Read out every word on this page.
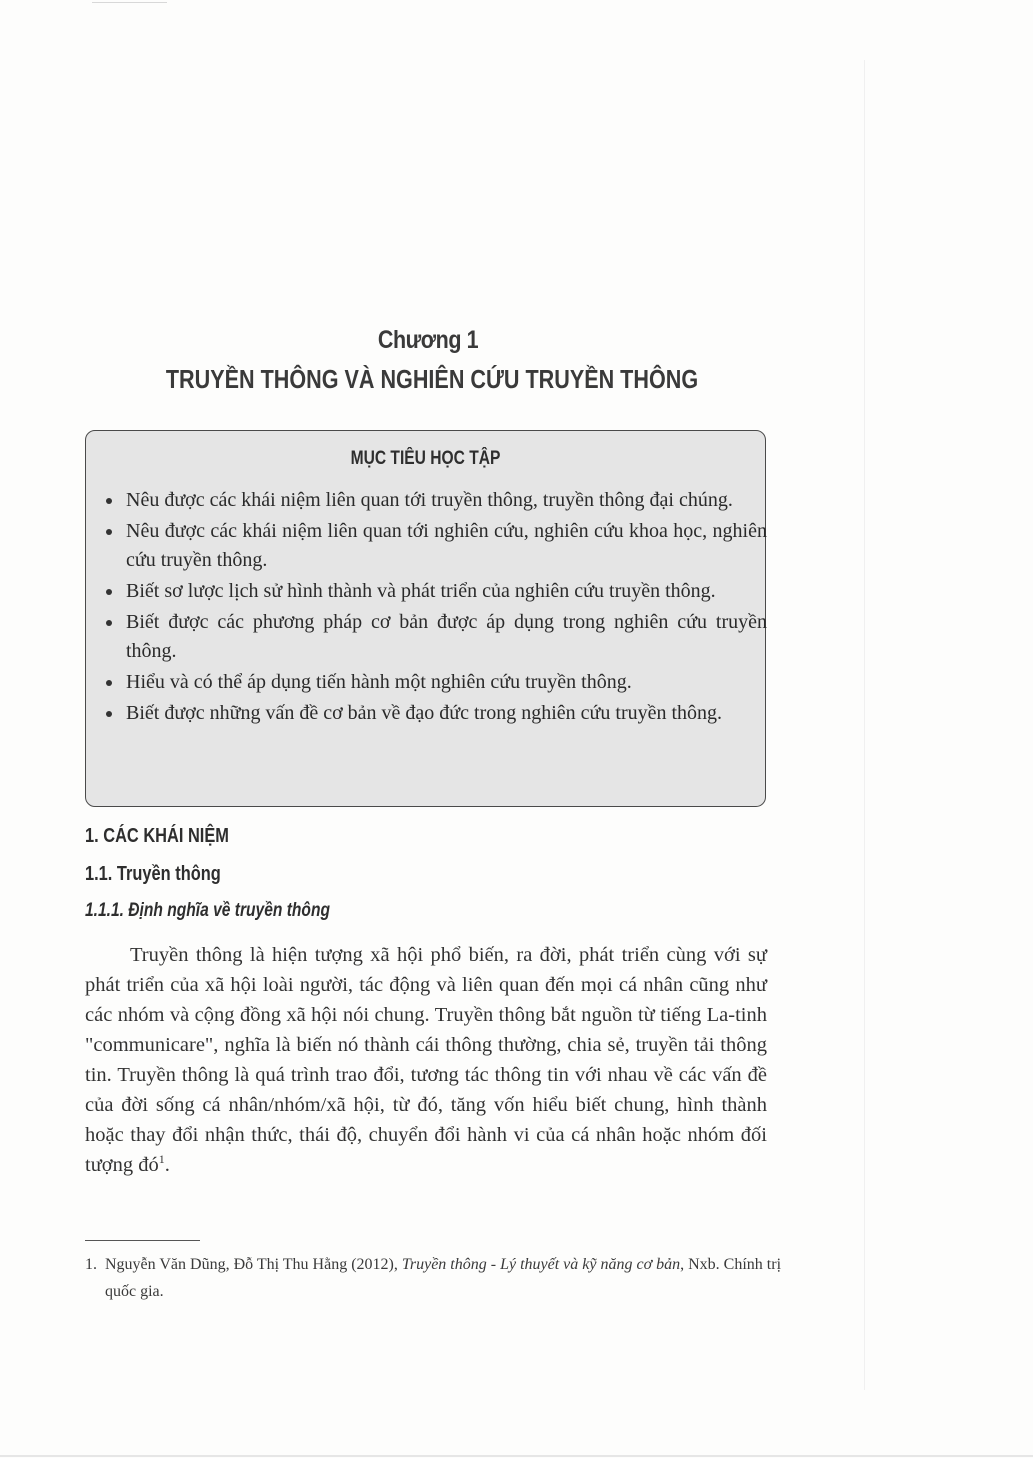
Chương 1
TRUYỀN THÔNG VÀ NGHIÊN CỨU TRUYỀN THÔNG
MỤC TIÊU HỌC TẬP
Nêu được các khái niệm liên quan tới truyền thông, truyền thông đại chúng.
Nêu được các khái niệm liên quan tới nghiên cứu, nghiên cứu khoa học, nghiên cứu truyền thông.
Biết sơ lược lịch sử hình thành và phát triển của nghiên cứu truyền thông.
Biết được các phương pháp cơ bản được áp dụng trong nghiên cứu truyền thông.
Hiểu và có thể áp dụng tiến hành một nghiên cứu truyền thông.
Biết được những vấn đề cơ bản về đạo đức trong nghiên cứu truyền thông.
1. CÁC KHÁI NIỆM
1.1. Truyền thông
1.1.1. Định nghĩa về truyền thông

Truyền thông là hiện tượng xã hội phổ biến, ra đời, phát triển cùng với sự phát triển của xã hội loài người, tác động và liên quan đến mọi cá nhân cũng như các nhóm và cộng đồng xã hội nói chung. Truyền thông bắt nguồn từ tiếng La-tinh "communicare", nghĩa là biến nó thành cái thông thường, chia sẻ, truyền tải thông tin. Truyền thông là quá trình trao đổi, tương tác thông tin với nhau về các vấn đề của đời sống cá nhân/nhóm/xã hội, từ đó, tăng vốn hiểu biết chung, hình thành hoặc thay đổi nhận thức, thái độ, chuyển đổi hành vi của cá nhân hoặc nhóm đối tượng $đó^1$.

1. Nguyễn Văn Dũng, Đỗ Thị Thu Hằng (2012), Truyền thông - Lý thuyết và kỹ năng cơ bản, Nxb. Chính trị quốc gia.
